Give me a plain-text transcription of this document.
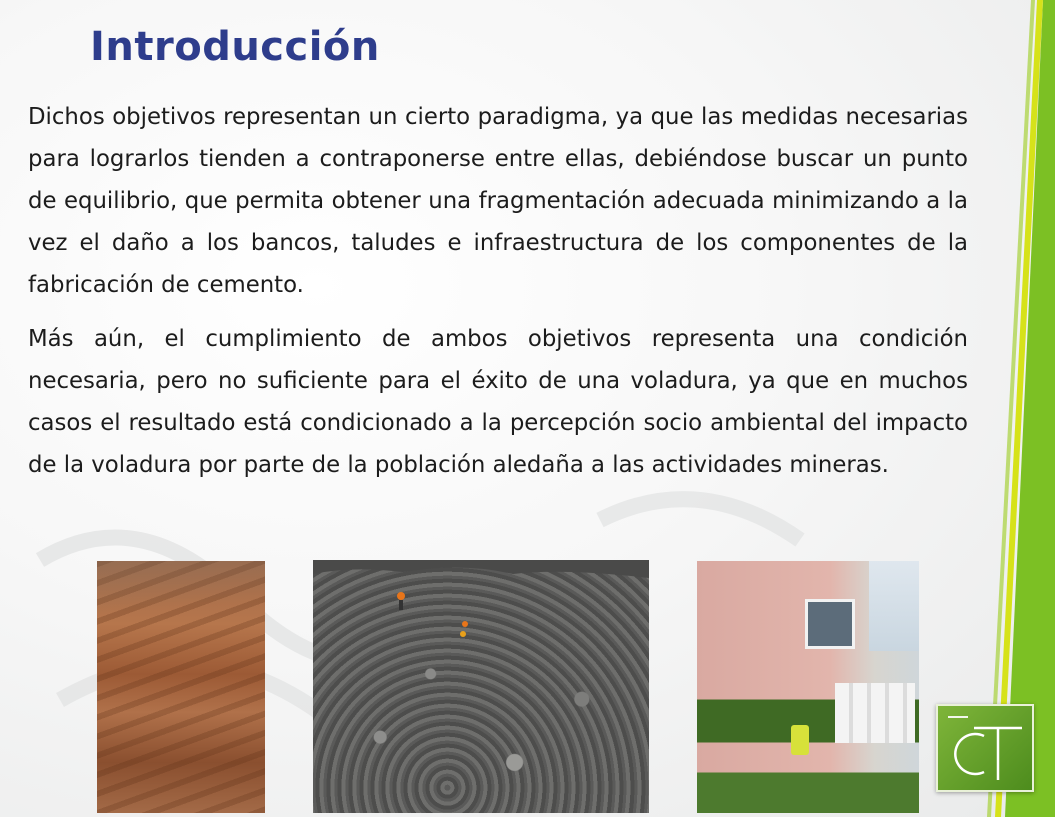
Introducción

Dichos objetivos representan un cierto paradigma, ya que las medidas necesarias para lograrlos tienden a contraponerse entre ellas, debiéndose buscar un punto de equilibrio, que permita obtener una fragmentación adecuada minimizando a la vez el daño a los bancos, taludes e infraestructura de los componentes de la fabricación de cemento.

Más aún, el cumplimiento de ambos objetivos representa una condición necesaria, pero no suficiente para el éxito de una voladura, ya que en muchos casos el resultado está condicionado a la percepción socio ambiental del impacto de la voladura por parte de la población aledaña a las actividades mineras.
